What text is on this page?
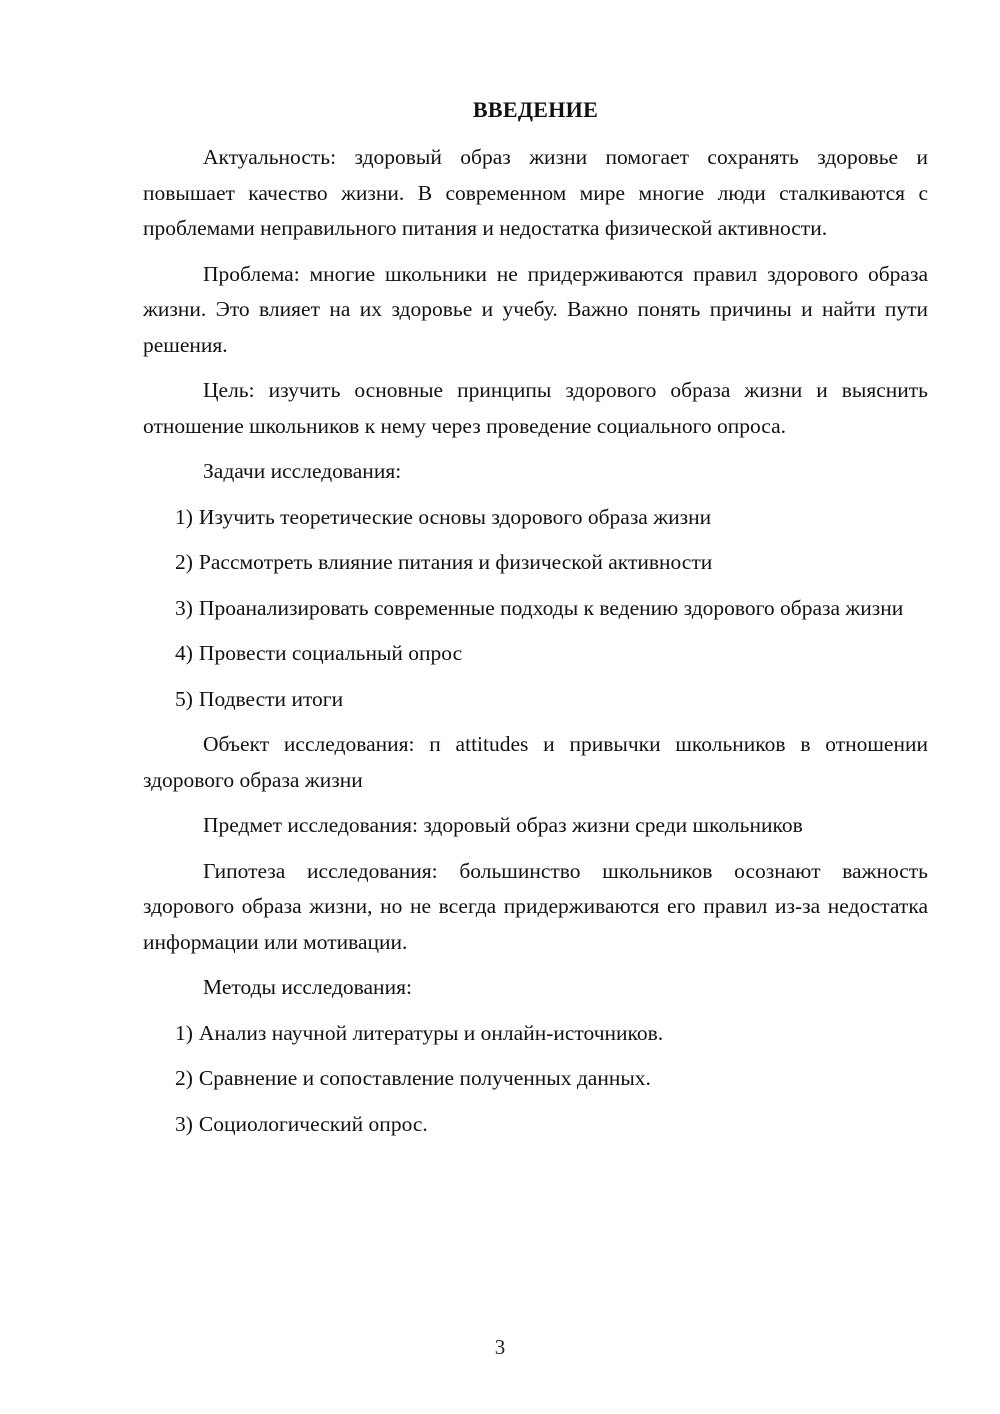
ВВЕДЕНИЕ

Актуальность: здоровый образ жизни помогает сохранять здоровье и повышает качество жизни. В современном мире многие люди сталкиваются с проблемами неправильного питания и недостатка физической активности.

Проблема: многие школьники не придерживаются правил здорового образа жизни. Это влияет на их здоровье и учебу. Важно понять причины и найти пути решения.

Цель: изучить основные принципы здорового образа жизни и выяснить отношение школьников к нему через проведение социального опроса.

Задачи исследования:

1) Изучить теоретические основы здорового образа жизни

2) Рассмотреть влияние питания и физической активности

3) Проанализировать современные подходы к ведению здорового образа жизни

4) Провести социальный опрос

5) Подвести итоги

Объект исследования: п attitudes и привычки школьников в отношении здорового образа жизни

Предмет исследования: здоровый образ жизни среди школьников

Гипотеза исследования: большинство школьников осознают важность здорового образа жизни, но не всегда придерживаются его правил из-за недостатка информации или мотивации.

Методы исследования:

1) Анализ научной литературы и онлайн-источников.

2) Сравнение и сопоставление полученных данных.

3) Социологический опрос.

3
